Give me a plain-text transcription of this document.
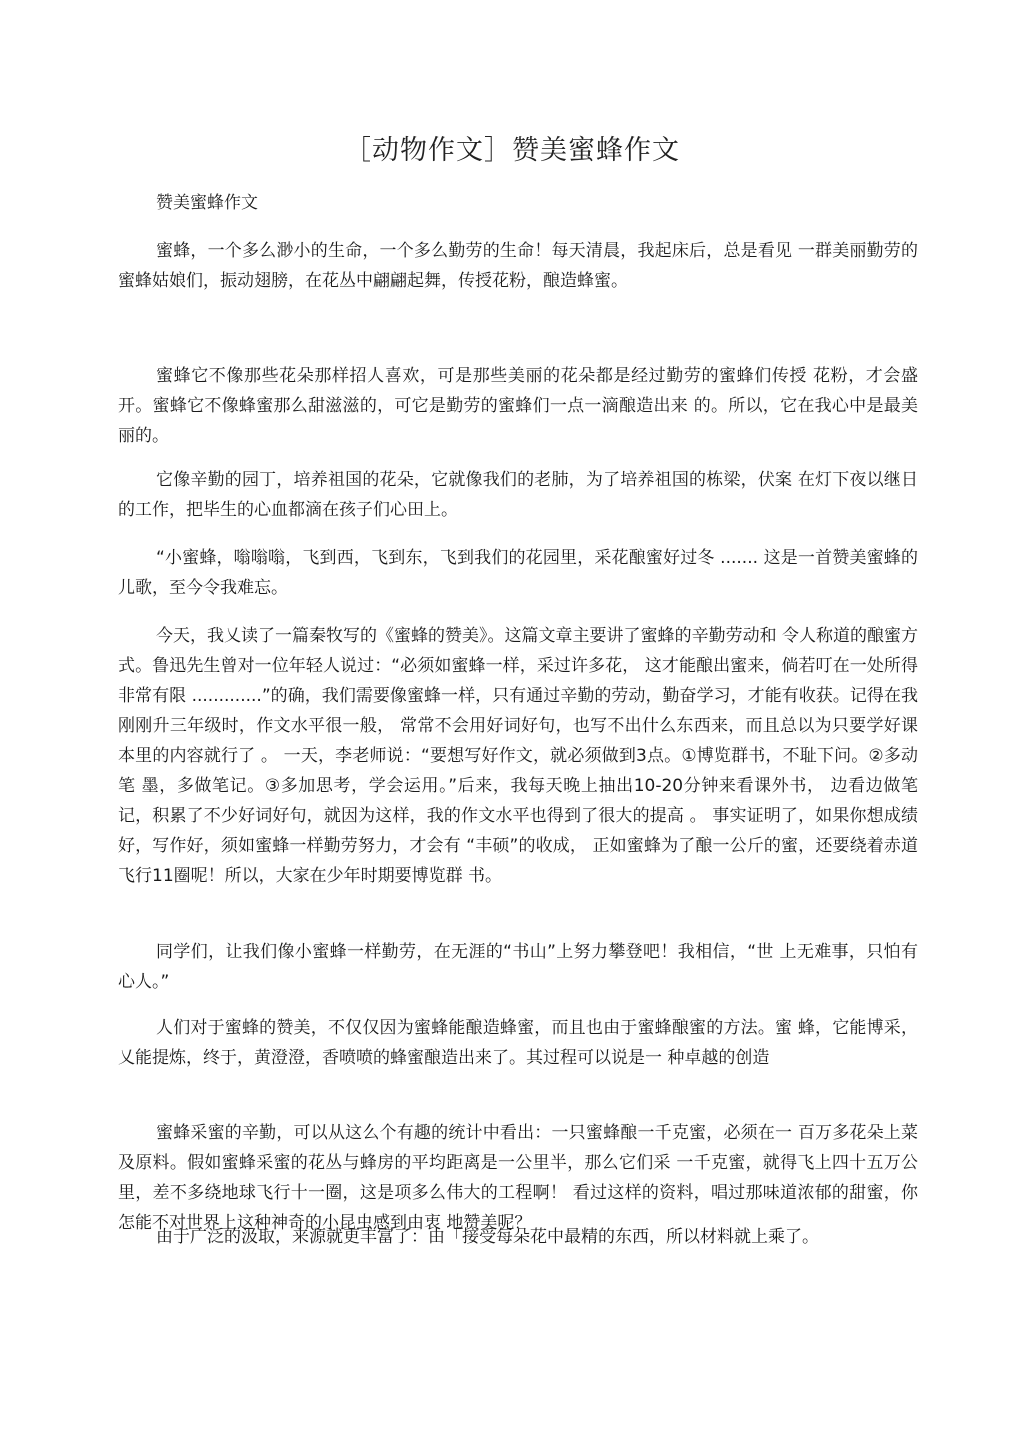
［动物作文］赞美蜜蜂作文
赞美蜜蜂作文

蜜蜂，一个多么渺小的生命，一个多么勤劳的生命！每天清晨，我起床后，总是看见 一群美丽勤劳的蜜蜂姑娘们，振动翅膀，在花丛中翩翩起舞，传授花粉，酿造蜂蜜。

蜜蜂它不像那些花朵那样招人喜欢，可是那些美丽的花朵都是经过勤劳的蜜蜂们传授 花粉，才会盛开。蜜蜂它不像蜂蜜那么甜滋滋的，可它是勤劳的蜜蜂们一点一滴酿造出来 的。所以，它在我心中是最美丽的。

它像辛勤的园丁，培养祖国的花朵，它就像我们的老肺，为了培养祖国的栋梁，伏案 在灯下夜以继日的工作，把毕生的心血都滴在孩子们心田上。

“小蜜蜂，嗡嗡嗡，飞到西，飞到东，飞到我们的花园里，采花酿蜜好过冬 ....... 这是一首赞美蜜蜂的儿歌，至今令我难忘。

今天，我乂读了一篇秦牧写的《蜜蜂的赞美》。这篇文章主要讲了蜜蜂的辛勤劳动和 令人称道的酿蜜方式。鲁迅先生曾对一位年轻人说过：“必须如蜜蜂一样，采过许多花， 这才能酿出蜜来，倘若叮在一处所得非常有限 .............”的确，我们需要像蜜蜂一样，只有通过辛勤的劳动，勤奋学习，才能有收获。记得在我刚刚升三年级时，作文水平很一般， 常常不会用好词好句，也写不出什么东西来，而且总以为只要学好课本里的内容就行了 。 一天，李老师说：“要想写好作文，就必须做到3点。①博览群书，不耻下问。②多动笔 墨，多做笔记。③多加思考，学会运用。”后来，我每天晚上抽出10-20分钟来看课外书， 边看边做笔记，积累了不少好词好句，就因为这样，我的作文水平也得到了很大的提高 。 事实证明了，如果你想成绩好，写作好，须如蜜蜂一样勤劳努力，才会有 “丰硕”的收成， 正如蜜蜂为了酿一公斤的蜜，还要绕着赤道飞行11圈呢！所以，大家在少年时期要博览群 书。

同学们，让我们像小蜜蜂一样勤劳，在无涯的“书山”上努力攀登吧！我相信，“世 上无难事，只怕有心人。”

人们对于蜜蜂的赞美，不仅仅因为蜜蜂能酿造蜂蜜，而且也由于蜜蜂酿蜜的方法。蜜 蜂，它能博采，乂能提炼，终于，黄澄澄，香喷喷的蜂蜜酿造出来了。其过程可以说是一 种卓越的创造

蜜蜂采蜜的辛勤，可以从这么个有趣的统计中看出：一只蜜蜂酿一千克蜜，必须在一 百万多花朵上菜及原料。假如蜜蜂采蜜的花丛与蜂房的平均距离是一公里半，那么它们采 一千克蜜，就得飞上四十五万公里，差不多绕地球飞行十一圈，这是项多么伟大的工程啊！ 看过这样的资料，唱过那味道浓郁的甜蜜，你怎能不对世界上这种神奇的小昆虫感到由衷 地赞美呢？

由于广泛的汲取，来源就更丰富了：由「接受每朵花中最精的东西，所以材料就上乘了。
